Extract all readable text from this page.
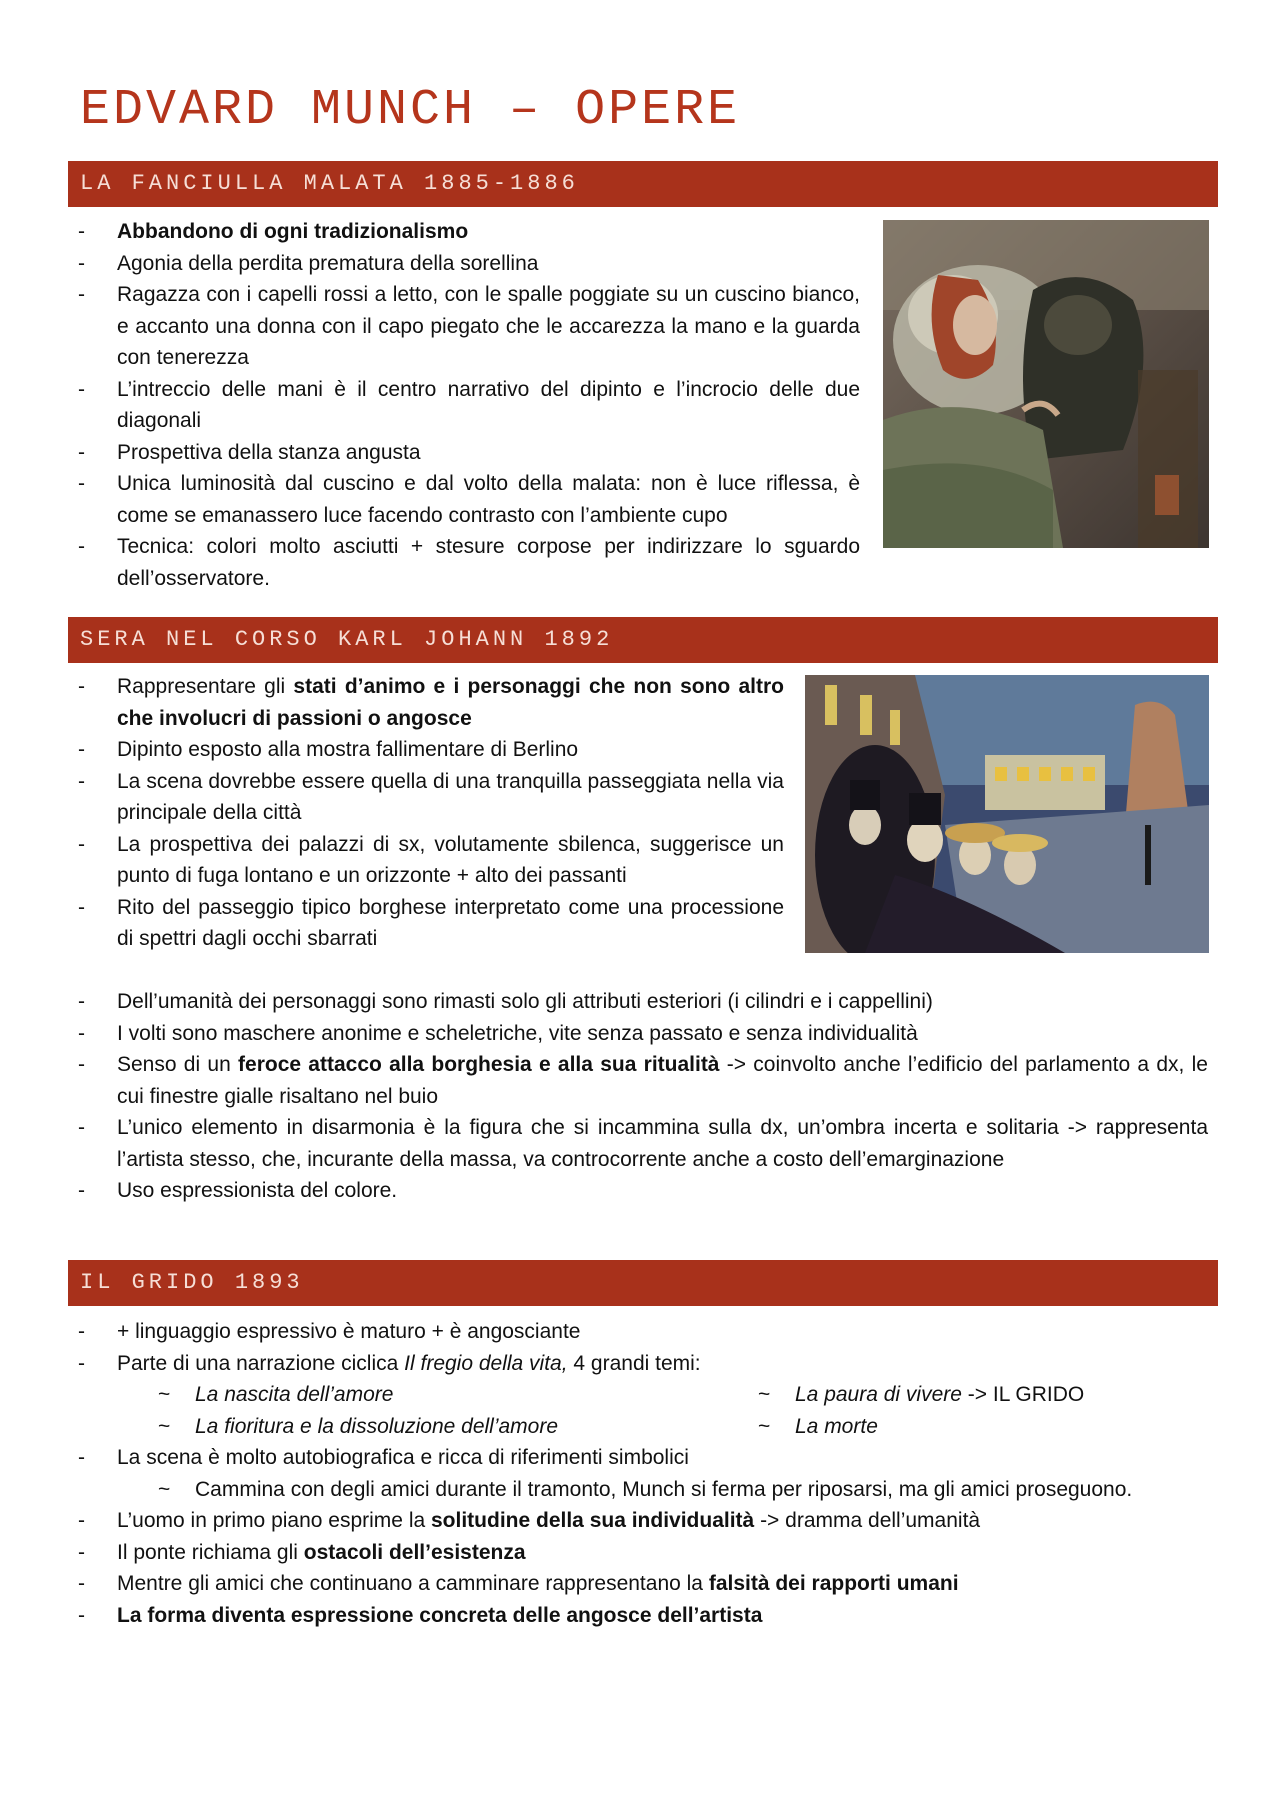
EDVARD MUNCH – OPERE
LA FANCIULLA MALATA 1885-1886
- Abbandono di ogni tradizionalismo
- Agonia della perdita prematura della sorellina
- Ragazza con i capelli rossi a letto, con le spalle poggiate su un cuscino bianco, e accanto una donna con il capo piegato che le accarezza la mano e la guarda con tenerezza
- L’intreccio delle mani è il centro narrativo del dipinto e l’incrocio delle due diagonali
- Prospettiva della stanza angusta
- Unica luminosità dal cuscino e dal volto della malata: non è luce riflessa, è come se emanassero luce facendo contrasto con l’ambiente cupo
- Tecnica: colori molto asciutti + stesure corpose per indirizzare lo sguardo dell’osservatore.
SERA NEL CORSO KARL JOHANN 1892
- Rappresentare gli stati d’animo e i personaggi che non sono altro che involucri di passioni o angosce
- Dipinto esposto alla mostra fallimentare di Berlino
- La scena dovrebbe essere quella di una tranquilla passeggiata nella via principale della città
- La prospettiva dei palazzi di sx, volutamente sbilenca, suggerisce un punto di fuga lontano e un orizzonte + alto dei passanti
- Rito del passeggio tipico borghese interpretato come una processione di spettri dagli occhi sbarrati
- Dell’umanità dei personaggi sono rimasti solo gli attributi esteriori (i cilindri e i cappellini)
- I volti sono maschere anonime e scheletriche, vite senza passato e senza individualità
- Senso di un feroce attacco alla borghesia e alla sua ritualità -> coinvolto anche l’edificio del parlamento a dx, le cui finestre gialle risaltano nel buio
- L’unico elemento in disarmonia è la figura che si incammina sulla dx, un’ombra incerta e solitaria -> rappresenta l’artista stesso, che, incurante della massa, va controcorrente anche a costo dell’emarginazione
- Uso espressionista del colore.
IL GRIDO 1893
- + linguaggio espressivo è maturo + è angosciante
- Parte di una narrazione ciclica Il fregio della vita, 4 grandi temi:
~ La nascita dell’amore
~ La fioritura e la dissoluzione dell’amore
~ La paura di vivere -> IL GRIDO
~ La morte
- La scena è molto autobiografica e ricca di riferimenti simbolici
~ Cammina con degli amici durante il tramonto, Munch si ferma per riposarsi, ma gli amici proseguono.
- L’uomo in primo piano esprime la solitudine della sua individualità -> dramma dell’umanità
- Il ponte richiama gli ostacoli dell’esistenza
- Mentre gli amici che continuano a camminare rappresentano la falsità dei rapporti umani
- La forma diventa espressione concreta delle angosce dell’artista
